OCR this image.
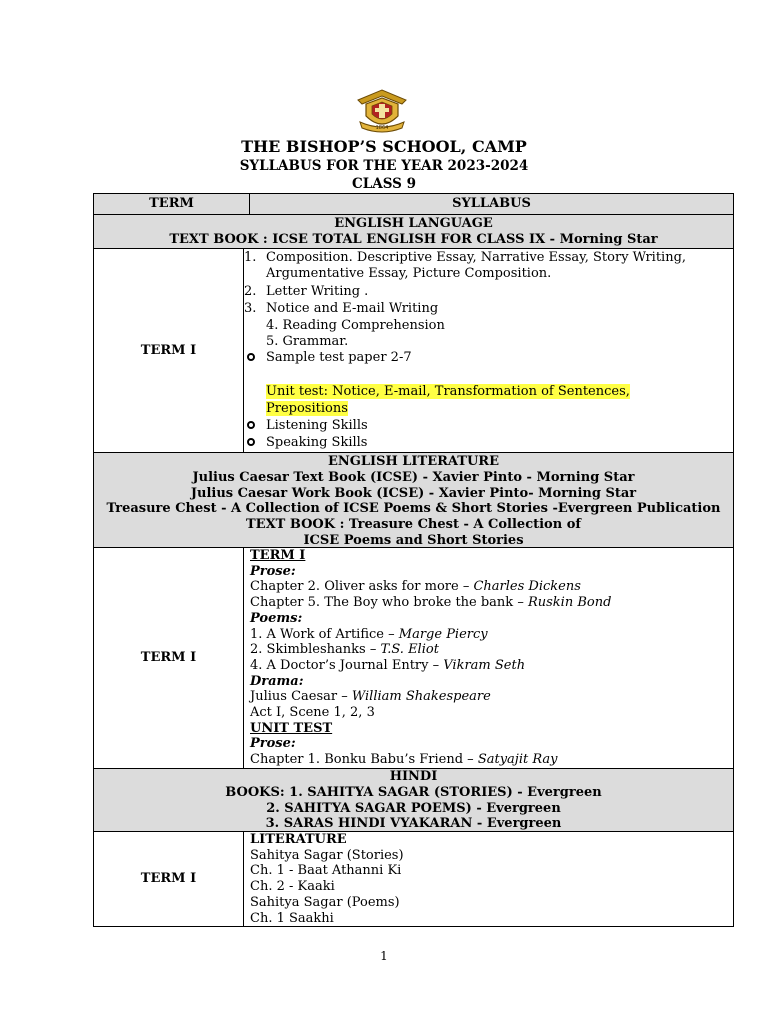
1864
THE BISHOP’S SCHOOL, CAMP
SYLLABUS FOR THE YEAR 2023-2024
CLASS 9
TERM	SYLLABUS
ENGLISH LANGUAGE
TEXT BOOK : ICSE TOTAL ENGLISH FOR CLASS IX - Morning Star
TERM I
1. Composition. Descriptive Essay, Narrative Essay, Story Writing,
Argumentative Essay, Picture Composition.
2. Letter Writing .
3. Notice and E-mail Writing
4. Reading Comprehension
5. Grammar.
Sample test paper 2-7
Unit test: Notice, E-mail, Transformation of Sentences,
Prepositions
Listening Skills
Speaking Skills
ENGLISH LITERATURE
Julius Caesar Text Book (ICSE) - Xavier Pinto - Morning Star
Julius Caesar Work Book (ICSE) - Xavier Pinto- Morning Star
Treasure Chest - A Collection of ICSE Poems & Short Stories -Evergreen Publication
TEXT BOOK : Treasure Chest - A Collection of
ICSE Poems and Short Stories
TERM I
TERM I
Prose:
Chapter 2. Oliver asks for more – Charles Dickens
Chapter 5. The Boy who broke the bank – Ruskin Bond
Poems:
1. A Work of Artifice – Marge Piercy
2. Skimbleshanks – T.S. Eliot
4. A Doctor’s Journal Entry – Vikram Seth
Drama:
Julius Caesar – William Shakespeare
Act I, Scene 1, 2, 3
UNIT TEST
Prose:
Chapter 1. Bonku Babu’s Friend – Satyajit Ray
HINDI
BOOKS: 1. SAHITYA SAGAR (STORIES) - Evergreen
2. SAHITYA SAGAR POEMS) - Evergreen
3. SARAS HINDI VYAKARAN - Evergreen
TERM I
LITERATURE
Sahitya Sagar (Stories)
Ch. 1 - Baat Athanni Ki
Ch. 2 - Kaaki
Sahitya Sagar (Poems)
Ch. 1 Saakhi
1
